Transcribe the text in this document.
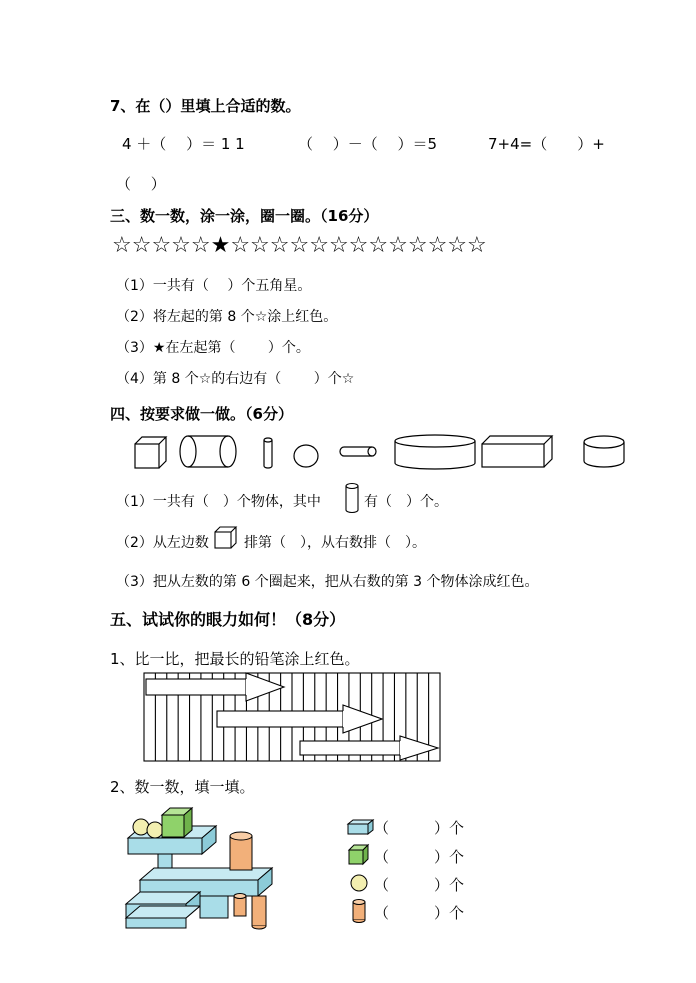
7、在（）里填上合适的数。
4 ＋（　 ）＝ 1 1	（　 ）－（　 ）＝5	7+4=（　　）+
（　 ）
三、数一数，涂一涂，圈一圈。（16分）
☆☆☆☆☆★☆☆☆☆☆☆☆☆☆☆☆☆☆
（1）一共有（　 ）个五角星。
（2）将左起的第 8 个☆涂上红色。
（3）★在左起第（　　 ）个。
（4）第 8 个☆的右边有（　　 ）个☆
四、按要求做一做。（6分）
（1）一共有（　）个物体，其中	有（　）个。
（2）从左边数	排第（　），从右数排（　）。
（3）把从左数的第 6 个圈起来，把从右数的第 3 个物体涂成红色。
五、试试你的眼力如何！（8分）
1、比一比，把最长的铅笔涂上红色。
2、数一数，填一填。
（　　　）个
（　　　）个
（　　　）个
（　　　）个
